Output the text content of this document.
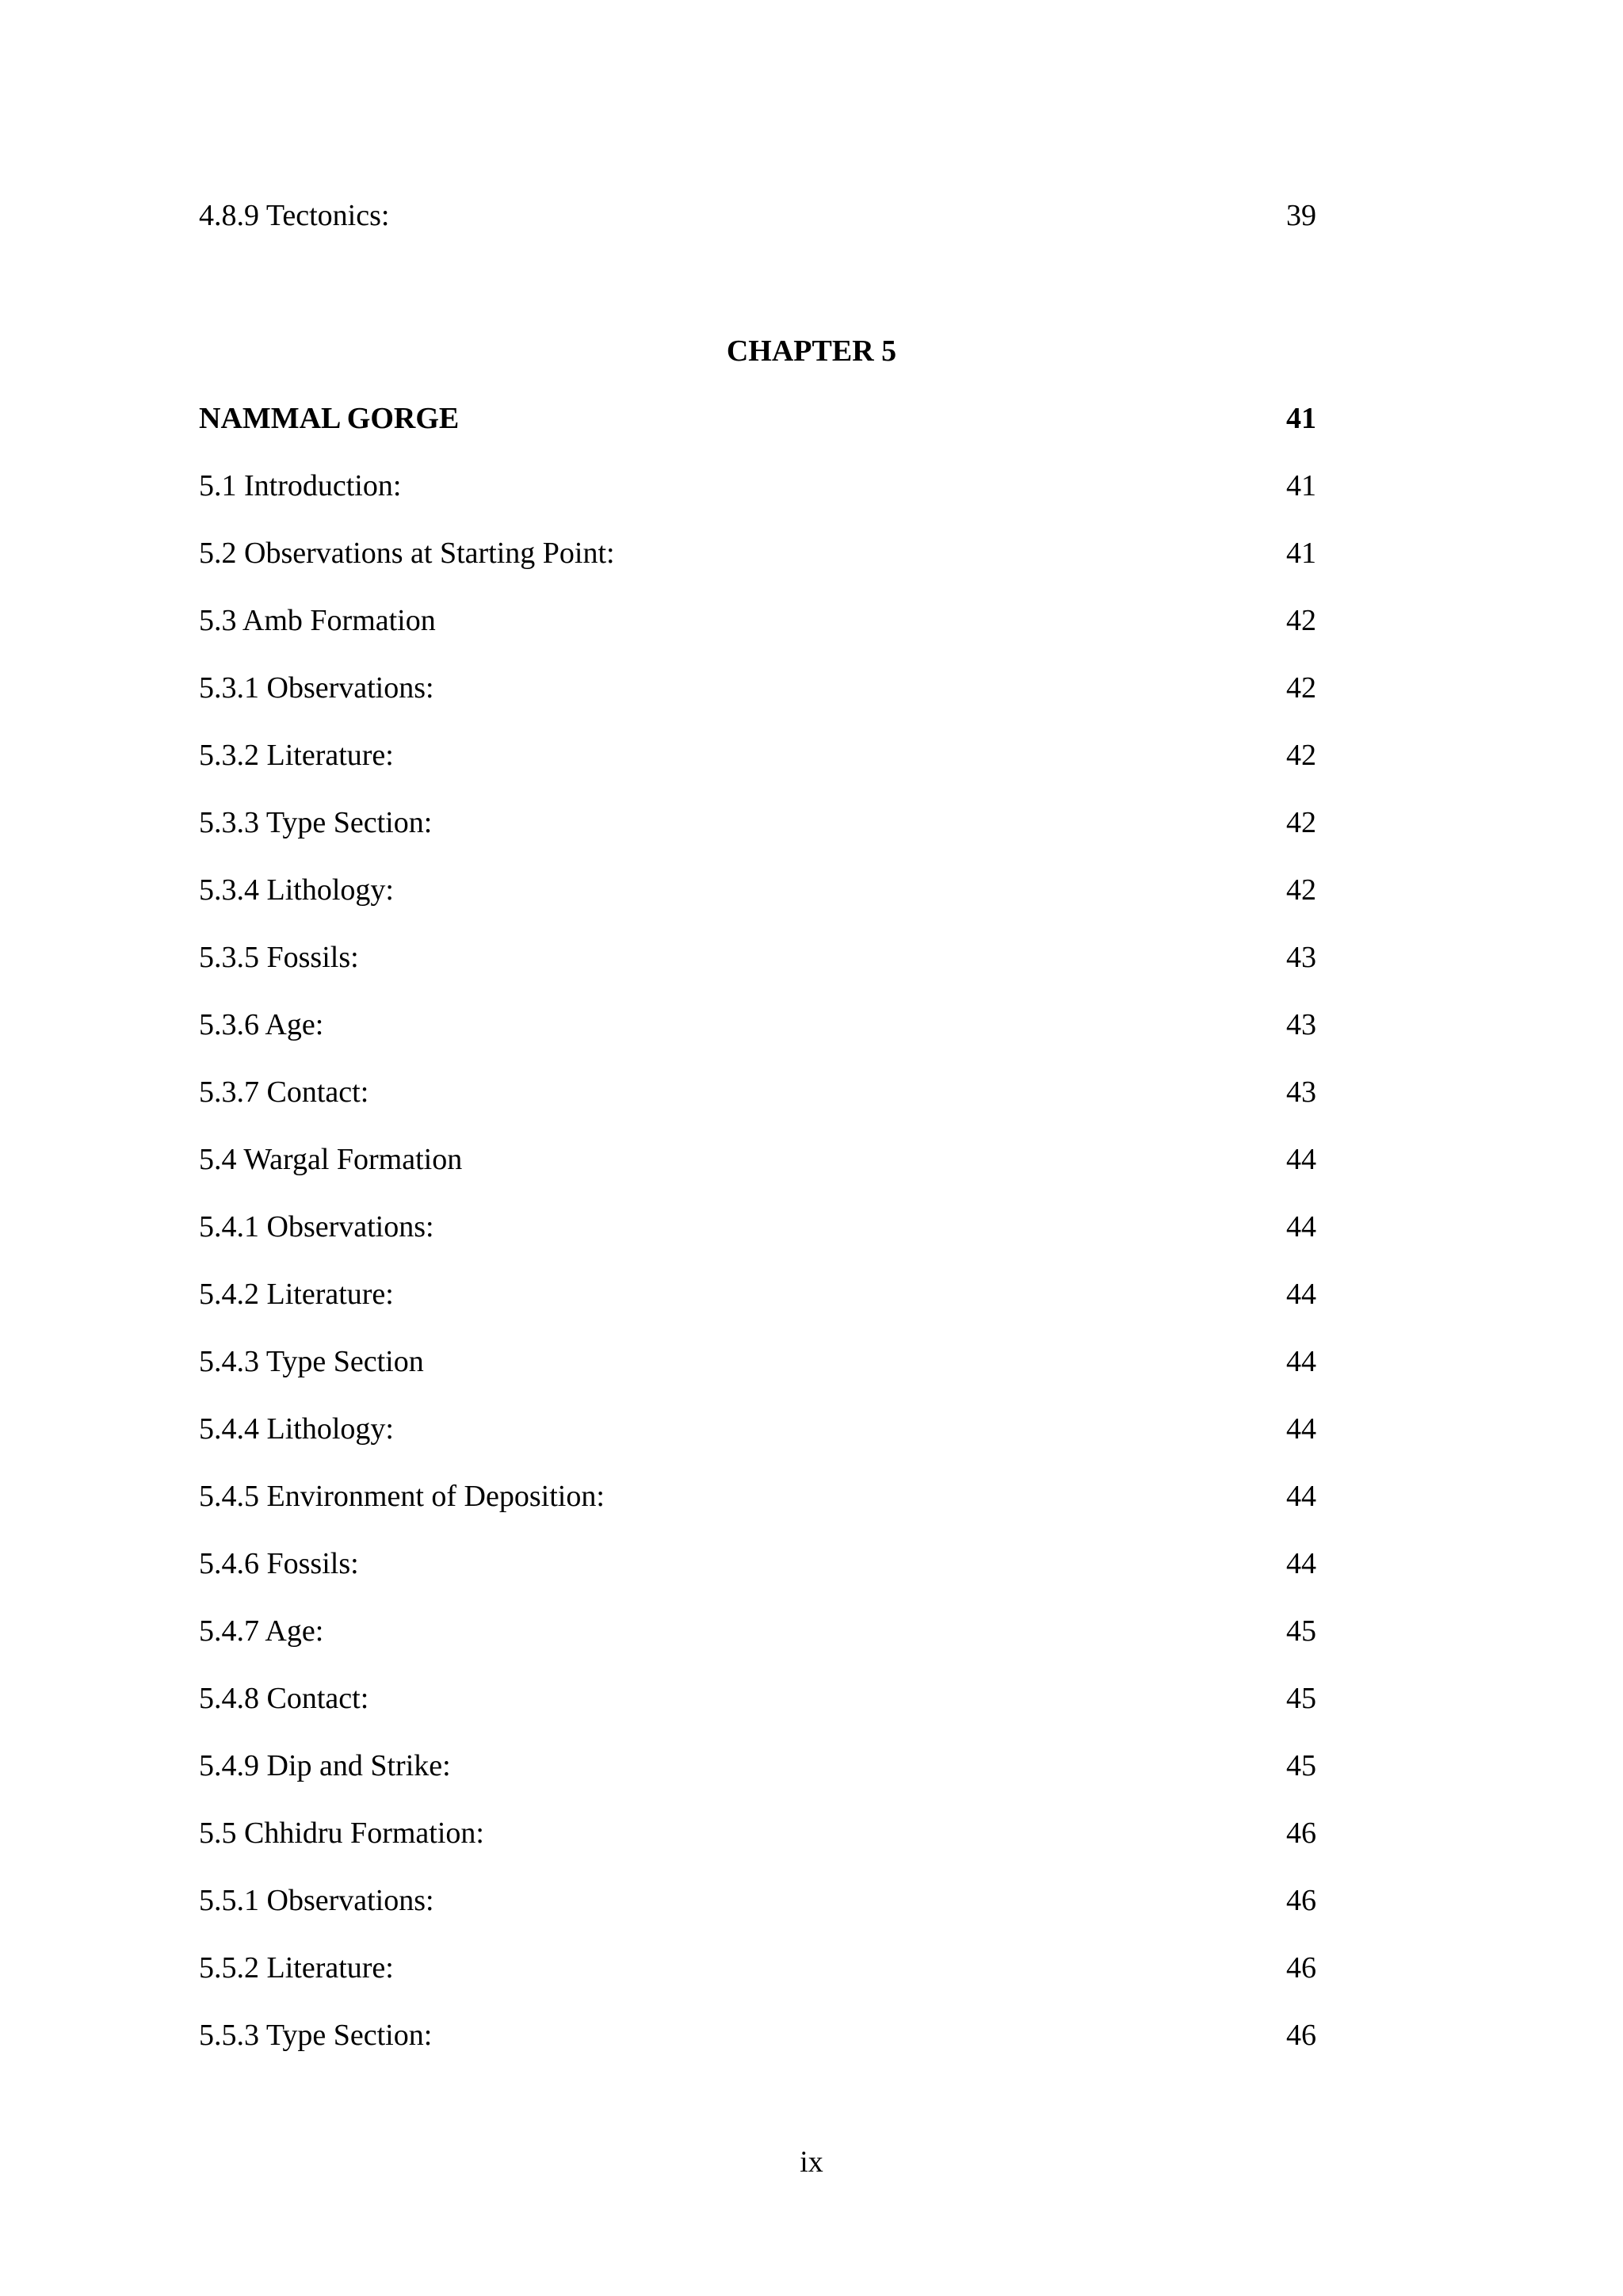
4.8.9 Tectonics:	39
CHAPTER 5
NAMMAL GORGE	41
5.1 Introduction:	41
5.2 Observations at Starting Point:	41
5.3 Amb Formation	42
5.3.1 Observations:	42
5.3.2 Literature:	42
5.3.3 Type Section:	42
5.3.4 Lithology:	42
5.3.5 Fossils:	43
5.3.6 Age:	43
5.3.7 Contact:	43
5.4 Wargal Formation	44
5.4.1 Observations:	44
5.4.2 Literature:	44
5.4.3 Type Section	44
5.4.4 Lithology:	44
5.4.5 Environment of Deposition:	44
5.4.6 Fossils:	44
5.4.7 Age:	45
5.4.8 Contact:	45
5.4.9 Dip and Strike:	45
5.5 Chhidru Formation:	46
5.5.1 Observations:	46
5.5.2 Literature:	46
5.5.3 Type Section:	46
ix
